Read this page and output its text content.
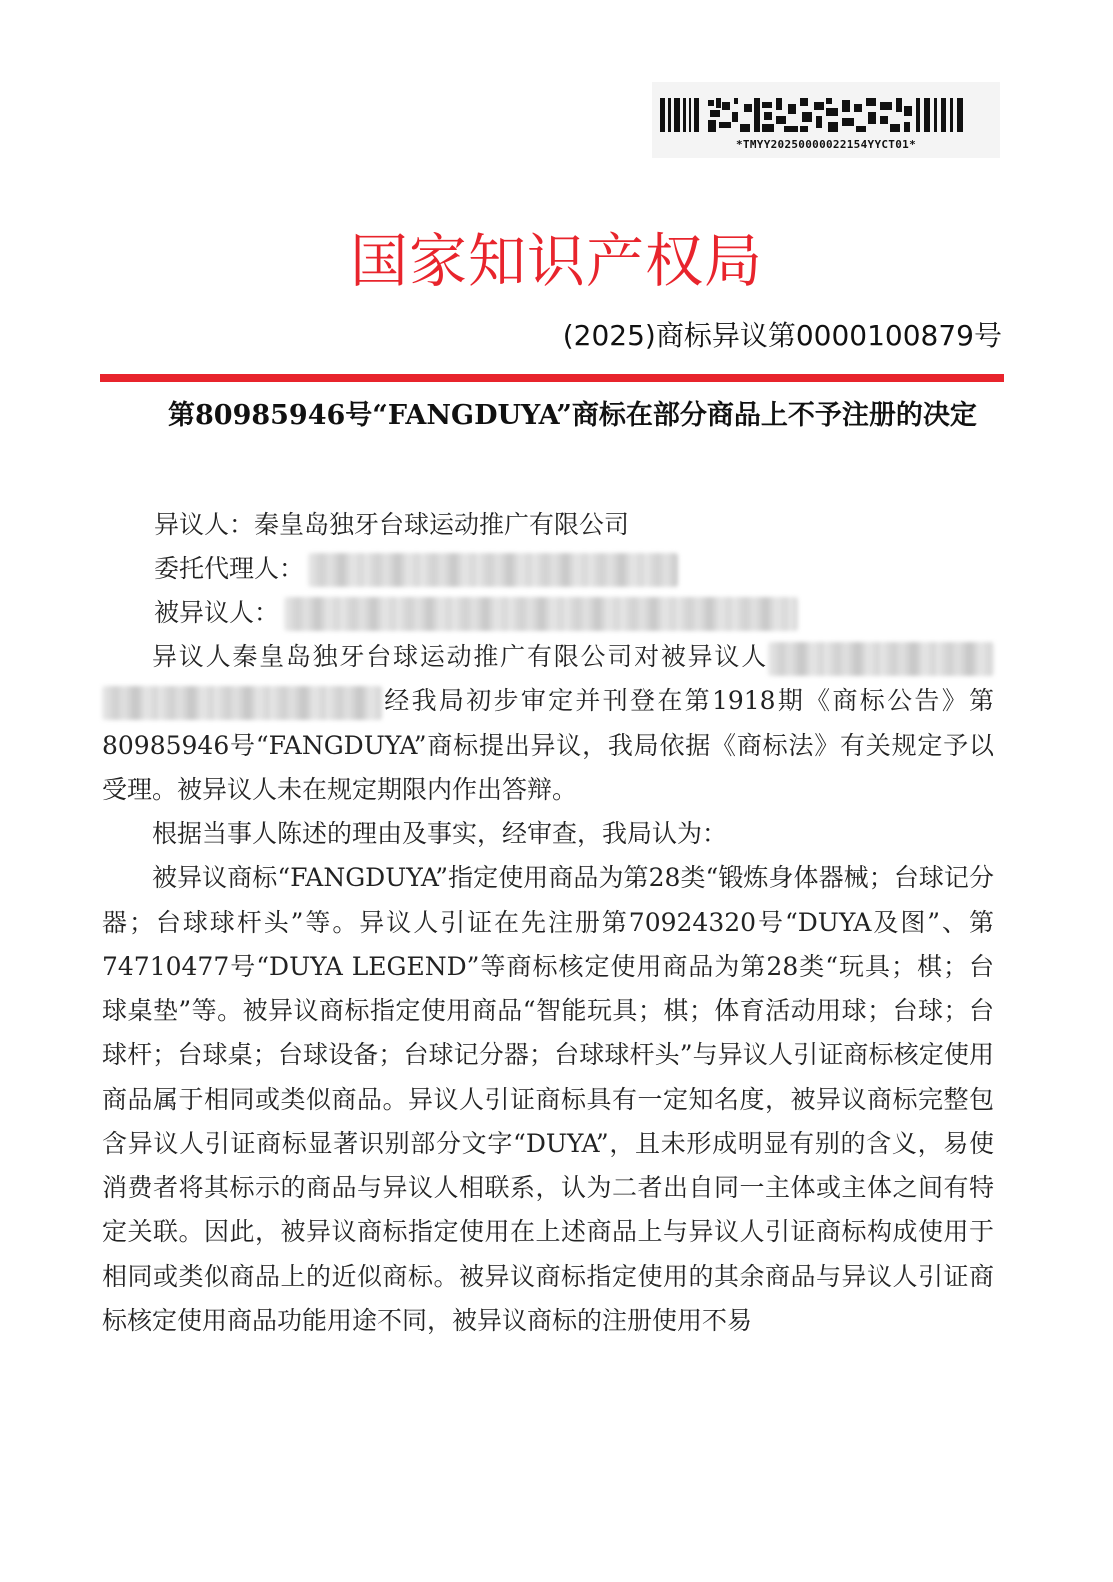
*TMYY20250000022154YYCT01*
国家知识产权局
(2025)商标异议第0000100879号
第80985946号“FANGDUYA”商标在部分商品上不予注册的决定
异议人：秦皇岛独牙台球运动推广有限公司
委托代理人：
被异议人：

异议人秦皇岛独牙台球运动推广有限公司对被异议人经我局初步审定并刊登在第1918期《商标公告》第80985946号“FANGDUYA”商标提出异议，我局依据《商标法》有关规定予以受理。被异议人未在规定期限内作出答辩。

根据当事人陈述的理由及事实，经审查，我局认为：

被异议商标“FANGDUYA”指定使用商品为第28类“锻炼身体器械；台球记分器；台球球杆头”等。异议人引证在先注册第70924320号“DUYA及图”、第74710477号“DUYA LEGEND”等商标核定使用商品为第28类“玩具；棋；台球桌垫”等。被异议商标指定使用商品“智能玩具；棋；体育活动用球；台球；台球杆；台球桌；台球设备；台球记分器；台球球杆头”与异议人引证商标核定使用商品属于相同或类似商品。异议人引证商标具有一定知名度，被异议商标完整包含异议人引证商标显著识别部分文字“DUYA”，且未形成明显有别的含义，易使消费者将其标示的商品与异议人相联系，认为二者出自同一主体或主体之间有特定关联。因此，被异议商标指定使用在上述商品上与异议人引证商标构成使用于相同或类似商品上的近似商标。被异议商标指定使用的其余商品与异议人引证商标核定使用商品功能用途不同，被异议商标的注册使用不易
